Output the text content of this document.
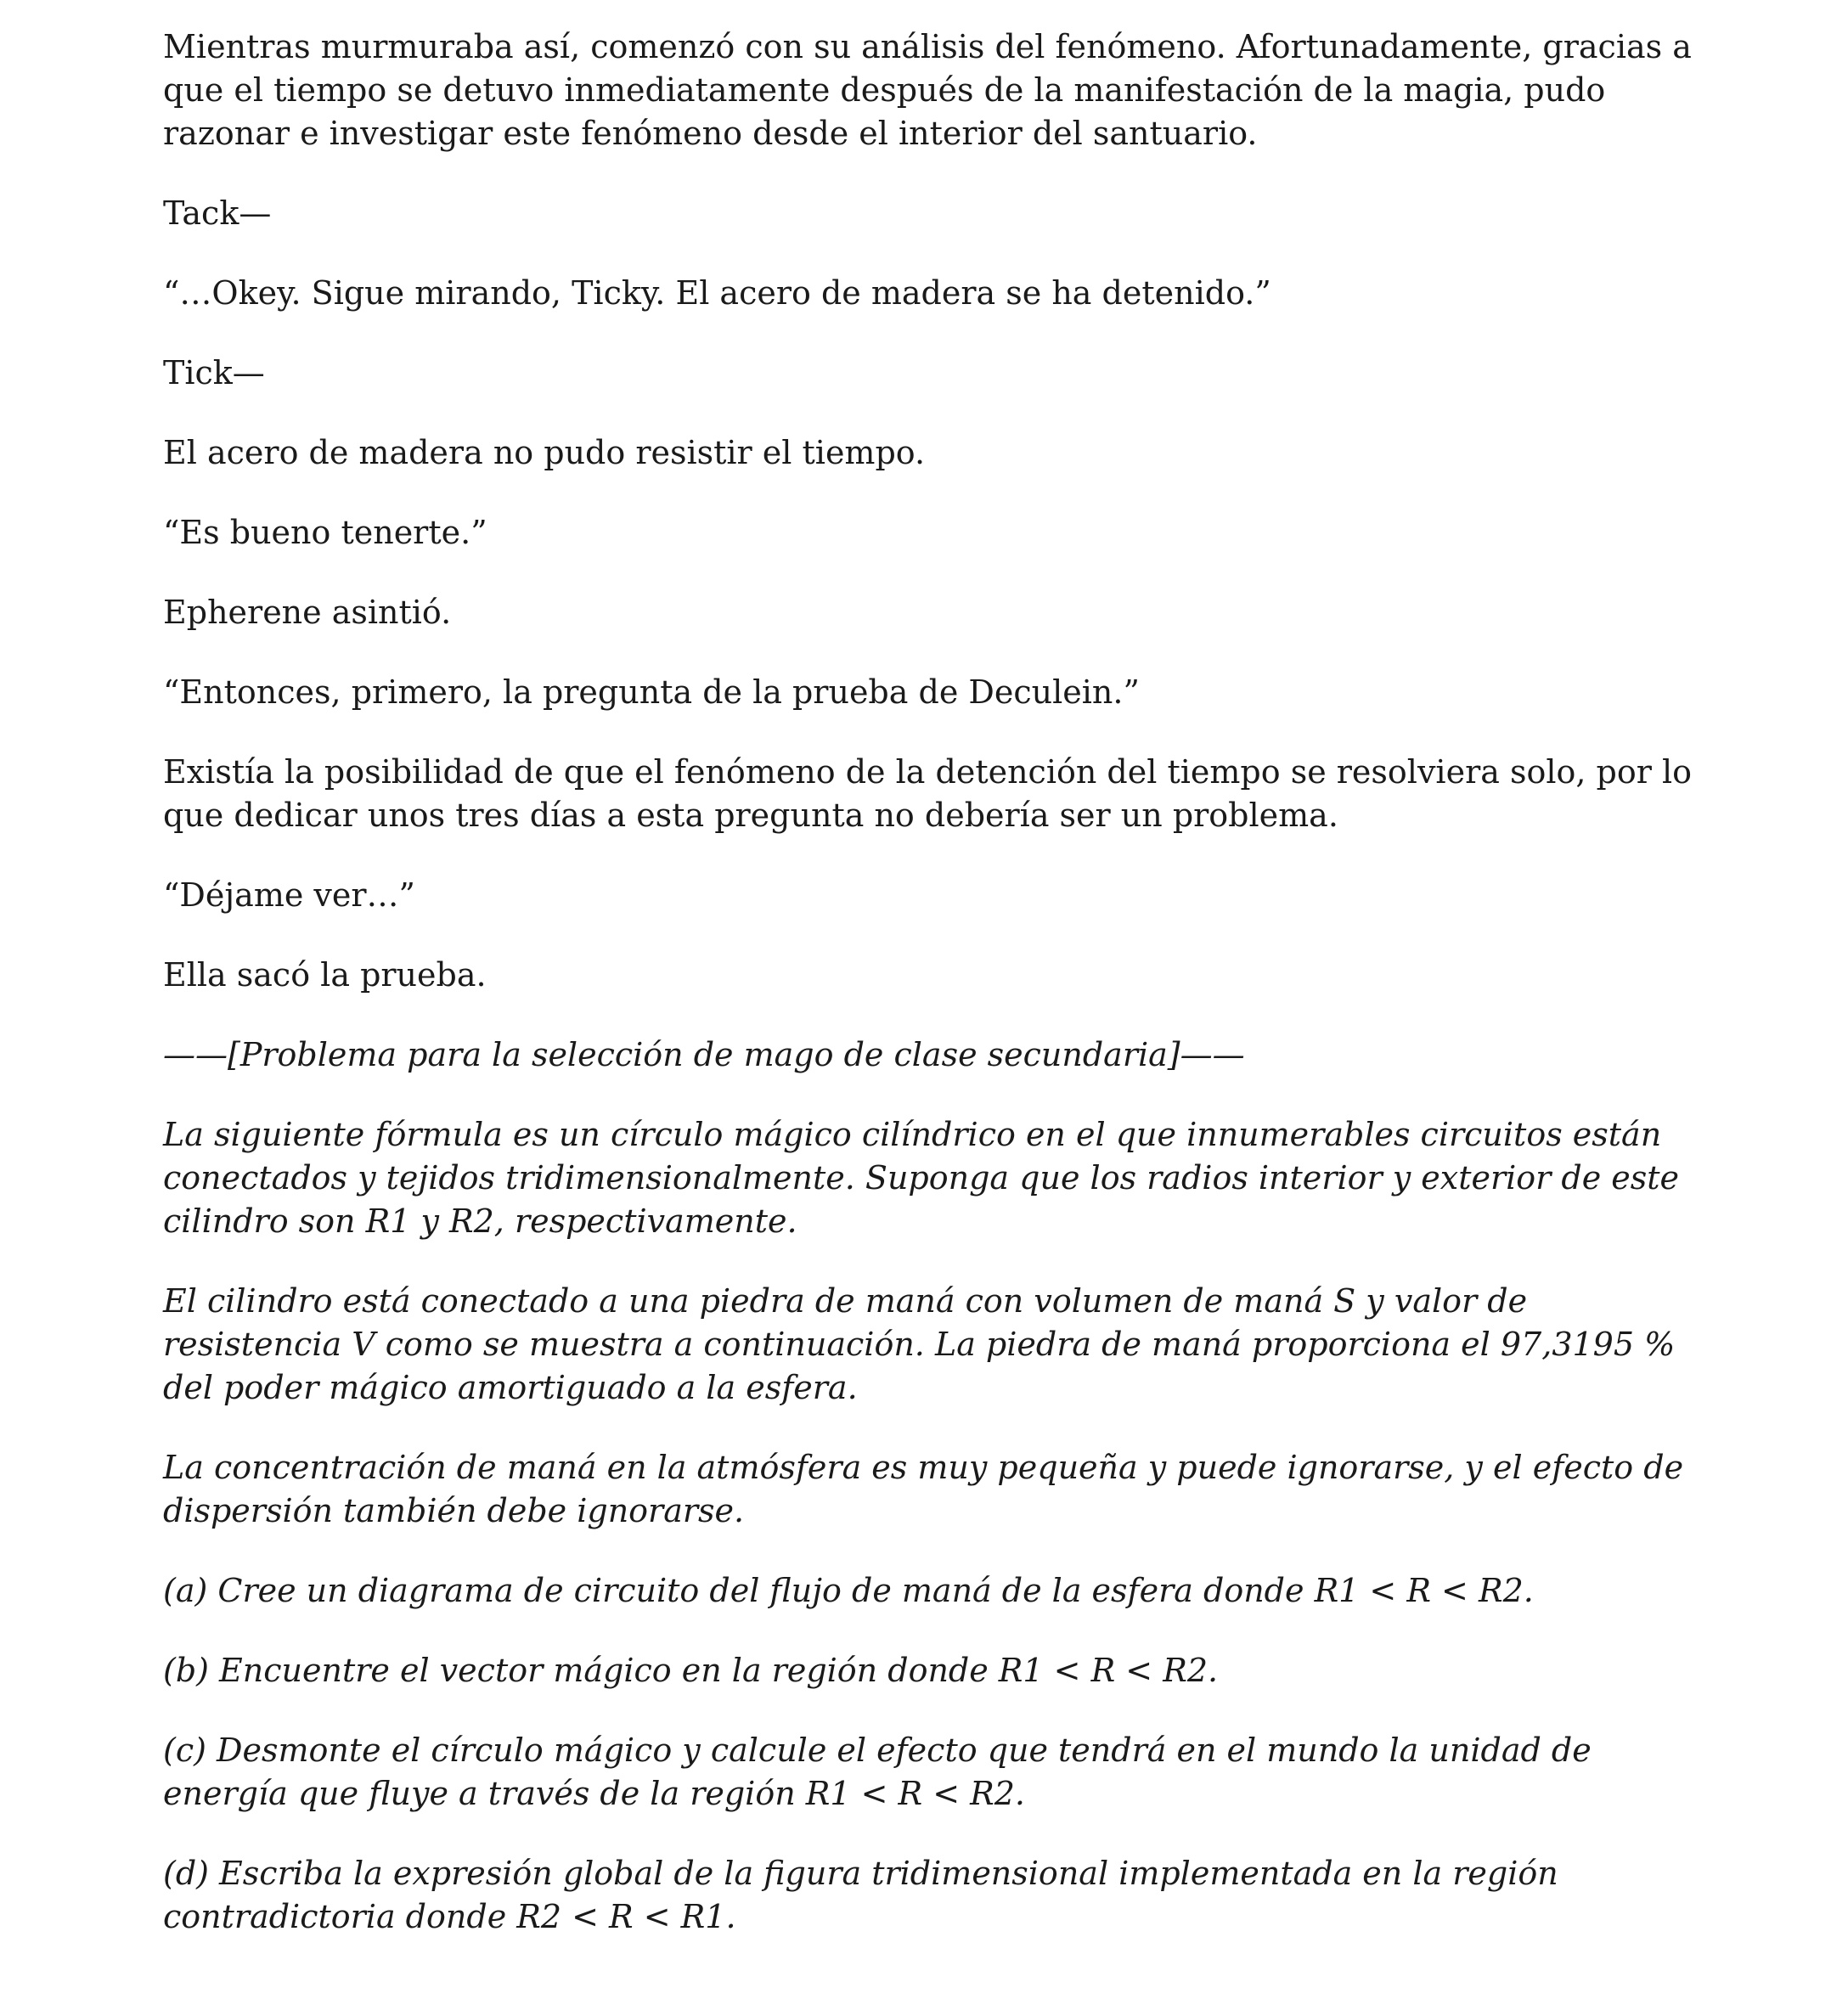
Mientras murmuraba así, comenzó con su análisis del fenómeno. Afortunadamente, gracias a que el tiempo se detuvo inmediatamente después de la manifestación de la magia, pudo razonar e investigar este fenómeno desde el interior del santuario.

Tack—

“…Okey. Sigue mirando, Ticky. El acero de madera se ha detenido.”

Tick—

El acero de madera no pudo resistir el tiempo.

“Es bueno tenerte.”

Epherene asintió.

“Entonces, primero, la pregunta de la prueba de Deculein.”

Existía la posibilidad de que el fenómeno de la detención del tiempo se resolviera solo, por lo que dedicar unos tres días a esta pregunta no debería ser un problema.

“Déjame ver…”

Ella sacó la prueba.

——[Problema para la selección de mago de clase secundaria]——

La siguiente fórmula es un círculo mágico cilíndrico en el que innumerables circuitos están conectados y tejidos tridimensionalmente. Suponga que los radios interior y exterior de este cilindro son R1 y R2, respectivamente.

El cilindro está conectado a una piedra de maná con volumen de maná S y valor de resistencia V como se muestra a continuación. La piedra de maná proporciona el 97,3195 % del poder mágico amortiguado a la esfera.

La concentración de maná en la atmósfera es muy pequeña y puede ignorarse, y el efecto de dispersión también debe ignorarse.

(a) Cree un diagrama de circuito del flujo de maná de la esfera donde R1 < R < R2.

(b) Encuentre el vector mágico en la región donde R1 < R < R2.

(c) Desmonte el círculo mágico y calcule el efecto que tendrá en el mundo la unidad de energía que fluye a través de la región R1 < R < R2.

(d) Escriba la expresión global de la figura tridimensional implementada en la región contradictoria donde R2 < R < R1.
